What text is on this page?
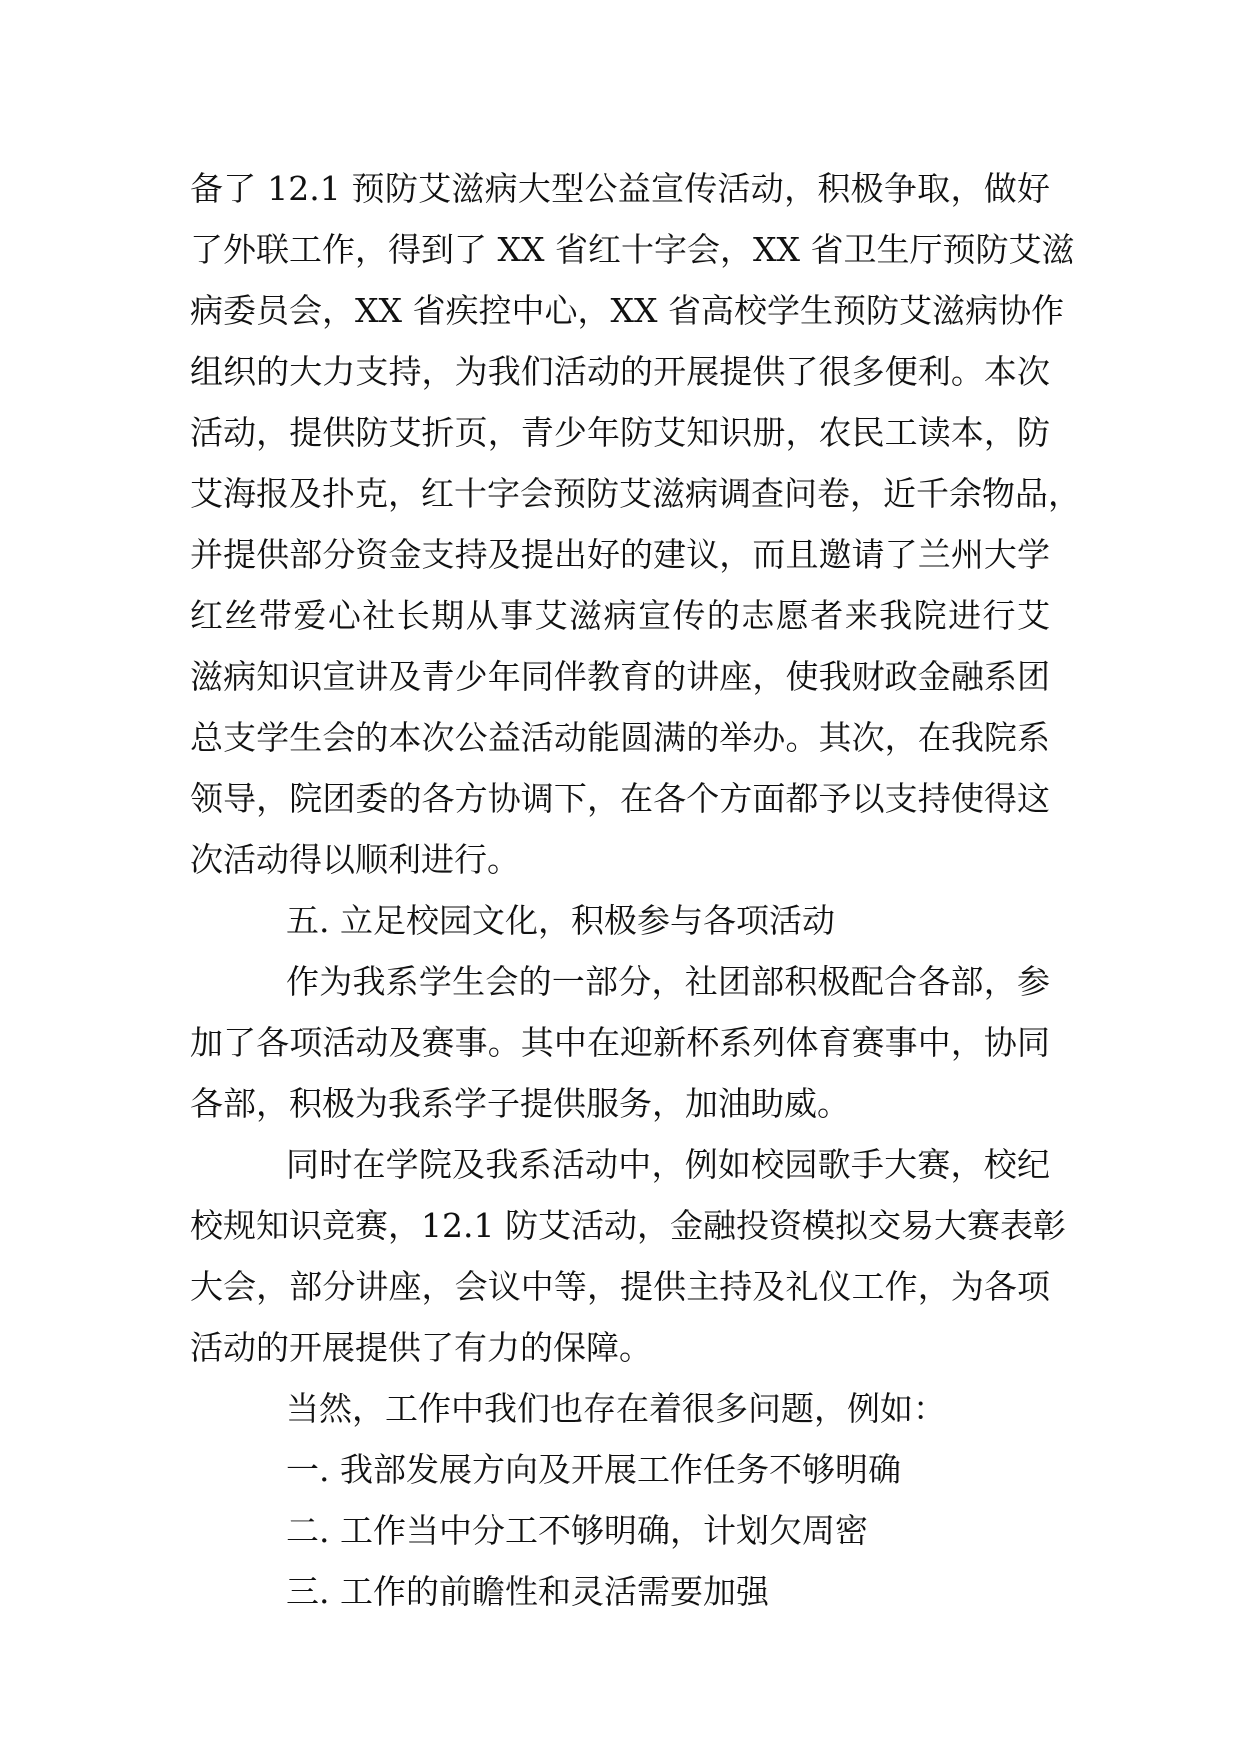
备了 12.1 预防艾滋病大型公益宣传活动，积极争取，做好
了外联工作，得到了 XX 省红十字会，XX 省卫生厅预防艾滋
病委员会，XX 省疾控中心，XX 省高校学生预防艾滋病协作
组织的大力支持，为我们活动的开展提供了很多便利。本次
活动，提供防艾折页，青少年防艾知识册，农民工读本，防
艾海报及扑克，红十字会预防艾滋病调查问卷，近千余物品，
并提供部分资金支持及提出好的建议，而且邀请了兰州大学
红丝带爱心社长期从事艾滋病宣传的志愿者来我院进行艾
滋病知识宣讲及青少年同伴教育的讲座，使我财政金融系团
总支学生会的本次公益活动能圆满的举办。其次，在我院系
领导，院团委的各方协调下，在各个方面都予以支持使得这
次活动得以顺利进行。
五. 立足校园文化，积极参与各项活动
作为我系学生会的一部分，社团部积极配合各部，参
加了各项活动及赛事。其中在迎新杯系列体育赛事中，协同
各部，积极为我系学子提供服务，加油助威。
同时在学院及我系活动中，例如校园歌手大赛，校纪
校规知识竞赛，12.1 防艾活动，金融投资模拟交易大赛表彰
大会，部分讲座，会议中等，提供主持及礼仪工作，为各项
活动的开展提供了有力的保障。
当然，工作中我们也存在着很多问题，例如：
一. 我部发展方向及开展工作任务不够明确
二. 工作当中分工不够明确，计划欠周密
三. 工作的前瞻性和灵活需要加强
